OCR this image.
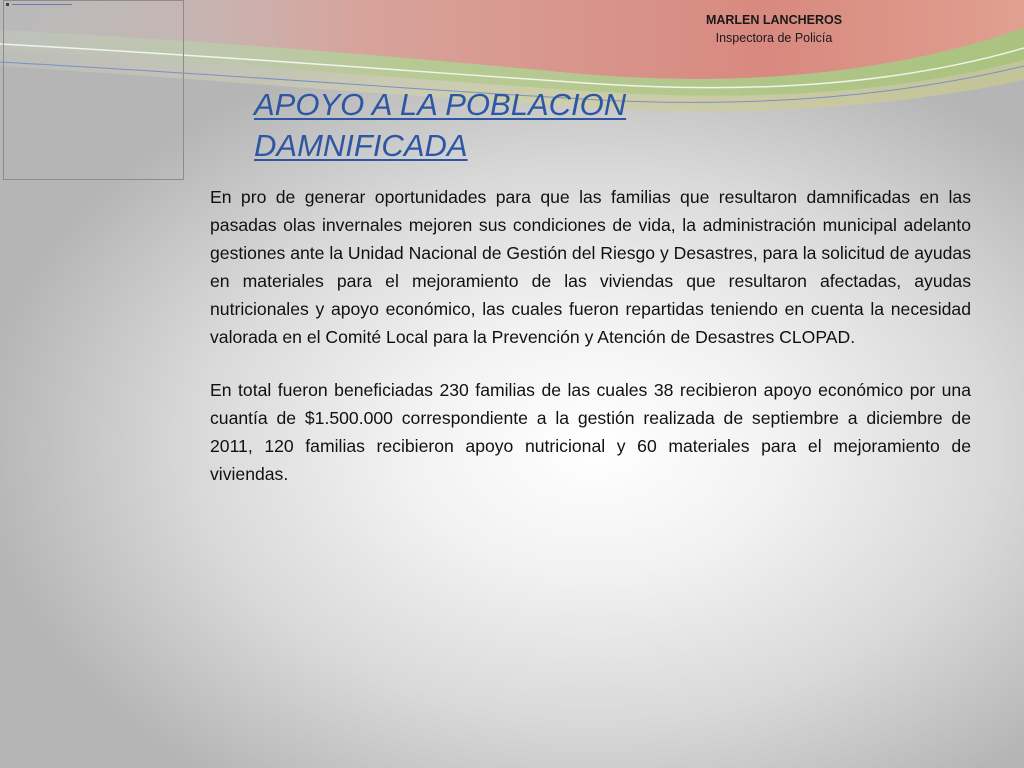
MARLEN LANCHEROS
Inspectora de Policía
APOYO A LA POBLACION
DAMNIFICADA

En pro de generar oportunidades para que las familias que resultaron damnificadas en las pasadas olas invernales mejoren sus condiciones de vida, la administración municipal adelanto gestiones ante la Unidad Nacional de Gestión del Riesgo y Desastres, para la solicitud de ayudas en materiales para el mejoramiento de las viviendas que resultaron afectadas, ayudas nutricionales y apoyo económico, las cuales fueron repartidas teniendo en cuenta la necesidad valorada en el Comité Local para la Prevención y Atención de Desastres CLOPAD.

En total fueron beneficiadas 230 familias de las cuales 38 recibieron apoyo económico por una cuantía de $1.500.000 correspondiente a la gestión realizada de septiembre a diciembre de 2011, 120 familias recibieron apoyo nutricional y 60 materiales para el mejoramiento de viviendas.
